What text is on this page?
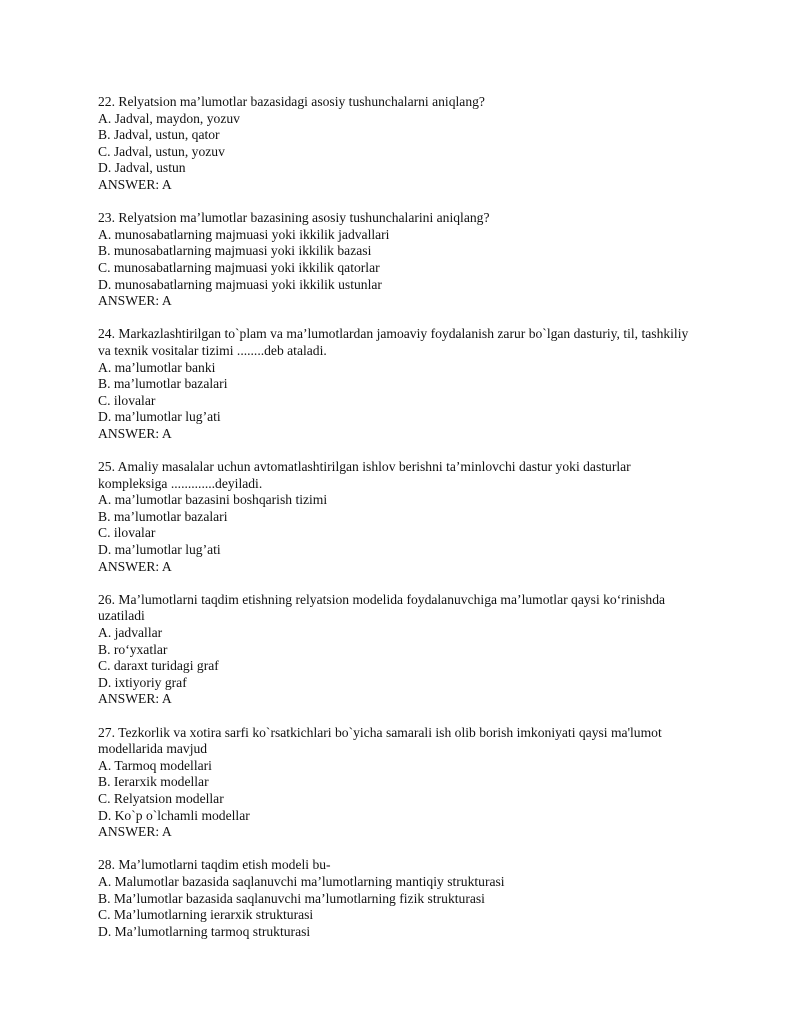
22. Relyatsion ma’lumotlar bazasidagi asosiy tushunchalarni aniqlang?

A. Jadval, maydon, yozuv

B. Jadval, ustun, qator

C. Jadval, ustun, yozuv

D. Jadval, ustun

ANSWER: A

23. Relyatsion ma’lumotlar bazasining asosiy tushunchalarini aniqlang?

A. munosabatlarning majmuasi yoki ikkilik jadvallari

B. munosabatlarning majmuasi yoki ikkilik bazasi

C. munosabatlarning majmuasi yoki ikkilik qatorlar

D. munosabatlarning majmuasi yoki ikkilik ustunlar

ANSWER: A

24. Markazlashtirilgan to`plam va ma’lumotlardan jamoaviy foydalanish zarur bo`lgan dasturiy, til, tashkiliy va texnik vositalar tizimi ........deb ataladi.

A. ma’lumotlar banki

B. ma’lumotlar bazalari

C. ilovalar

D. ma’lumotlar lug’ati

ANSWER: A

25. Amaliy masalalar uchun avtomatlashtirilgan ishlov berishni ta’minlovchi dastur yoki dasturlar kompleksiga .............deyiladi.

A. ma’lumotlar bazasini boshqarish tizimi

B. ma’lumotlar bazalari

C. ilovalar

D. ma’lumotlar lug’ati

ANSWER: A

26. Ma’lumotlarni taqdim etishning relyatsion modelida foydalanuvchiga ma’lumotlar qaysi ko‘rinishda uzatiladi

A. jadvallar

B. ro‘yxatlar

C. daraxt turidagi graf

D. ixtiyoriy graf

ANSWER: A

27. Tezkorlik va xotira sarfi ko`rsatkichlari bo`yicha samarali ish olib borish imkoniyati qaysi ma'lumot modellarida mavjud

A. Tarmoq modellari

B. Ierarxik modellar

C. Relyatsion modellar

D. Ko`p o`lchamli modellar

ANSWER: A

28. Ma’lumotlarni taqdim etish modeli bu-

A. Malumotlar bazasida saqlanuvchi ma’lumotlarning mantiqiy strukturasi

B. Ma’lumotlar bazasida saqlanuvchi ma’lumotlarning fizik strukturasi

C. Ma’lumotlarning ierarxik strukturasi

D. Ma’lumotlarning tarmoq strukturasi
